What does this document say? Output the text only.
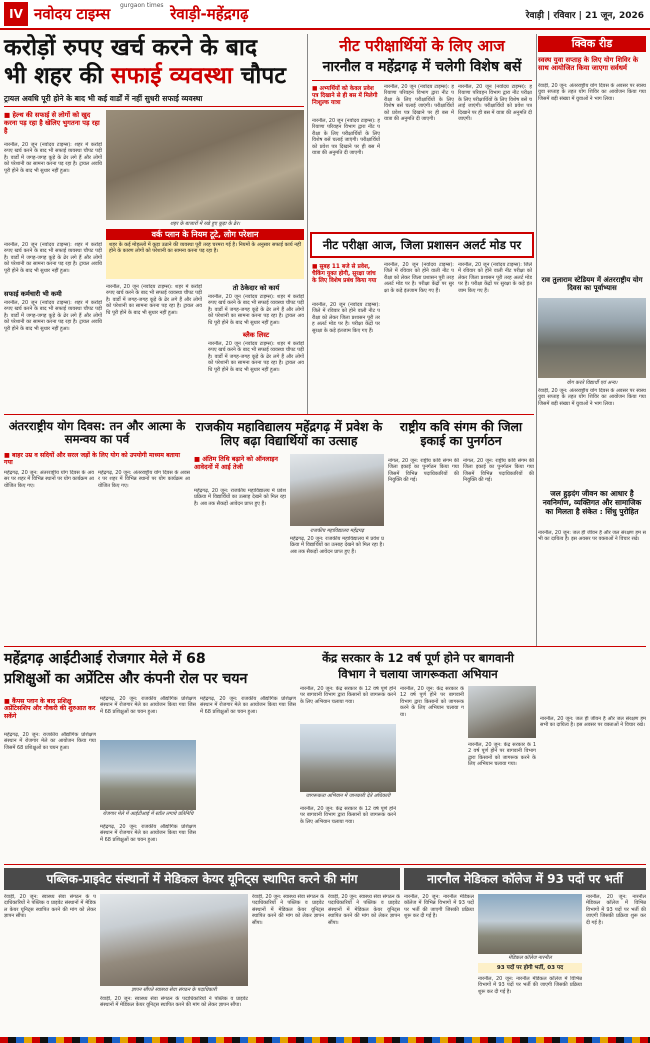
IV नवोदय टाइम्स gurgaon times रेवाड़ी-महेंद्रगढ़	रेवाड़ी | रविवार | 21 जून, 2026
करोड़ों रुपए खर्च करने के बाद
भी शहर की सफाई व्यवस्था चौपट
ट्रायल अवधि पूरी होने के बाद भी कई वार्डों में नहीं सुधरी सफाई व्यवस्था
■ हेल्थ की सफाई से लोगों को खुद करना पड़ रहा है खेलिए भुगतना पड़ रहा है
नारनौल, 20 जून (नवोदय टाइम्स): शहर में करोड़ों रुपए खर्च करने के बाद भी सफाई व्यवस्था चौपट पड़ी है। वार्डों में जगह-जगह कूड़े के ढेर लगे हैं और लोगों को परेशानी का सामना करना पड़ रहा है। ट्रायल अवधि पूरी होने के बाद भी सुधार नहीं हुआ।
शहर के बाजारों में रखे हुए कूड़ा के ढेर।
वर्क प्लान के नियम टूटे, लोग परेशान
शहर के कई मोहल्लों में कूड़ा उठाने की व्यवस्था पूरी तरह चरमरा गई है। नियमों के अनुसार सफाई कार्य नहीं होने के कारण लोगों को परेशानी का सामना करना पड़ रहा है।
नारनौल, 20 जून (नवोदय टाइम्स): शहर में करोड़ों रुपए खर्च करने के बाद भी सफाई व्यवस्था चौपट पड़ी है। वार्डों में जगह-जगह कूड़े के ढेर लगे हैं और लोगों को परेशानी का सामना करना पड़ रहा है। ट्रायल अवधि पूरी होने के बाद भी सुधार नहीं हुआ।
सफाई कर्मचारी भी कमी
नारनौल, 20 जून (नवोदय टाइम्स): शहर में करोड़ों रुपए खर्च करने के बाद भी सफाई व्यवस्था चौपट पड़ी है। वार्डों में जगह-जगह कूड़े के ढेर लगे हैं और लोगों को परेशानी का सामना करना पड़ रहा है। ट्रायल अवधि पूरी होने के बाद भी सुधार नहीं हुआ।
नारनौल, 20 जून (नवोदय टाइम्स): शहर में करोड़ों रुपए खर्च करने के बाद भी सफाई व्यवस्था चौपट पड़ी है। वार्डों में जगह-जगह कूड़े के ढेर लगे हैं और लोगों को परेशानी का सामना करना पड़ रहा है। ट्रायल अवधि पूरी होने के बाद भी सुधार नहीं हुआ।
तो ठेकेदार को कार्य
नारनौल, 20 जून (नवोदय टाइम्स): शहर में करोड़ों रुपए खर्च करने के बाद भी सफाई व्यवस्था चौपट पड़ी है। वार्डों में जगह-जगह कूड़े के ढेर लगे हैं और लोगों को परेशानी का सामना करना पड़ रहा है। ट्रायल अवधि पूरी होने के बाद भी सुधार नहीं हुआ।
ब्लैक लिस्ट
नारनौल, 20 जून (नवोदय टाइम्स): शहर में करोड़ों रुपए खर्च करने के बाद भी सफाई व्यवस्था चौपट पड़ी है। वार्डों में जगह-जगह कूड़े के ढेर लगे हैं और लोगों को परेशानी का सामना करना पड़ रहा है। ट्रायल अवधि पूरी होने के बाद भी सुधार नहीं हुआ।
नीट परीक्षार्थियों के लिए आज
नारनौल व महेंद्रगढ़ में चलेगी विशेष बसें
■ अभ्यर्थियों को केवल प्रवेश पत्र दिखाने से ही बस में मिलेगी निःशुल्क यात्रा
नारनौल, 20 जून (नवोदय टाइम्स): हरियाणा परिवहन विभाग द्वारा नीट परीक्षा के लिए परीक्षार्थियों के लिए विशेष बसें चलाई जाएंगी। परीक्षार्थियों को प्रवेश पत्र दिखाने पर ही बस में यात्रा की अनुमति दी जाएगी।
नारनौल, 20 जून (नवोदय टाइम्स): हरियाणा परिवहन विभाग द्वारा नीट परीक्षा के लिए परीक्षार्थियों के लिए विशेष बसें चलाई जाएंगी। परीक्षार्थियों को प्रवेश पत्र दिखाने पर ही बस में यात्रा की अनुमति दी जाएगी।
नारनौल, 20 जून (नवोदय टाइम्स): हरियाणा परिवहन विभाग द्वारा नीट परीक्षा के लिए परीक्षार्थियों के लिए विशेष बसें चलाई जाएंगी। परीक्षार्थियों को प्रवेश पत्र दिखाने पर ही बस में यात्रा की अनुमति दी जाएगी।
क्विक रीड
स्वस्थ युवा सप्ताह के लिए योग शिविर के साथ आयोजित किया जाएगा सर्वधर्म
रेवाड़ी, 20 जून: अंतरराष्ट्रीय योग दिवस के अवसर पर स्वस्थ युवा सप्ताह के तहत योग शिविर का आयोजन किया गया जिसमें बड़ी संख्या में युवाओं ने भाग लिया।
राव तुलाराम स्टेडियम में अंतरराष्ट्रीय योग दिवस का पूर्वाभ्यास
योग करते विद्यार्थी एवं अन्य।
रेवाड़ी, 20 जून: अंतरराष्ट्रीय योग दिवस के अवसर पर स्वस्थ युवा सप्ताह के तहत योग शिविर का आयोजन किया गया जिसमें बड़ी संख्या में युवाओं ने भाग लिया।
जल हुड़दंग जीवन का आधार है नवनिर्माण, व्यक्तिगत और सामाजिक का मिलता है संकेत : सिंधु पुरोहित
नारनौल, 20 जून: जल ही जीवन है और जल संरक्षण हम सभी का दायित्व है। इस अवसर पर वक्ताओं ने विचार रखे।
नीट परीक्षा आज, जिला प्रशासन अलर्ट मोड पर
■ सुबह 11 बजे से प्रवेश, चैकिंग युक्त होगी, सुरक्षा जांच के लिए विशेष प्रबंध किया गया
नारनौल, 20 जून (नवोदय टाइम्स): जिले में रविवार को होने वाली नीट परीक्षा को लेकर जिला प्रशासन पूरी तरह अलर्ट मोड पर है। परीक्षा केंद्रों पर सुरक्षा के कड़े इंतजाम किए गए हैं।
नारनौल, 20 जून (नवोदय टाइम्स): जिले में रविवार को होने वाली नीट परीक्षा को लेकर जिला प्रशासन पूरी तरह अलर्ट मोड पर है। परीक्षा केंद्रों पर सुरक्षा के कड़े इंतजाम किए गए हैं।
नारनौल, 20 जून (नवोदय टाइम्स): जिले में रविवार को होने वाली नीट परीक्षा को लेकर जिला प्रशासन पूरी तरह अलर्ट मोड पर है। परीक्षा केंद्रों पर सुरक्षा के कड़े इंतजाम किए गए हैं।
अंतरराष्ट्रीय योग दिवस: तन और आत्मा के समन्वय का पर्व
■ बाहर उम्र व सदियों और सरल जड़ों के लिए योग को उपयोगी माध्यम बताया गया
महेंद्रगढ़, 20 जून: अंतरराष्ट्रीय योग दिवस के अवसर पर शहर में विभिन्न स्थानों पर योग कार्यक्रम आयोजित किए गए।
महेंद्रगढ़, 20 जून: अंतरराष्ट्रीय योग दिवस के अवसर पर शहर में विभिन्न स्थानों पर योग कार्यक्रम आयोजित किए गए।
राजकीय महाविद्यालय महेंद्रगढ़ में प्रवेश के लिए बढ़ा विद्यार्थियों का उत्साह
■ अंतिम तिथि बढ़ाने को ऑनलाइन आवेदनों में आई तेजी
राजकीय महाविद्यालय महेंद्रगढ़
महेंद्रगढ़, 20 जून: राजकीय महाविद्यालय में प्रवेश प्रक्रिया में विद्यार्थियों का उत्साह देखने को मिल रहा है। अब तक सैकड़ों आवेदन प्राप्त हुए हैं।
महेंद्रगढ़, 20 जून: राजकीय महाविद्यालय में प्रवेश प्रक्रिया में विद्यार्थियों का उत्साह देखने को मिल रहा है। अब तक सैकड़ों आवेदन प्राप्त हुए हैं।
राष्ट्रीय कवि संगम की जिला इकाई का पुनर्गठन
नांगल, 20 जून: राष्ट्रीय कवि संगम की जिला इकाई का पुनर्गठन किया गया जिसमें विभिन्न पदाधिकारियों की नियुक्ति की गई।
नांगल, 20 जून: राष्ट्रीय कवि संगम की जिला इकाई का पुनर्गठन किया गया जिसमें विभिन्न पदाधिकारियों की नियुक्ति की गई।
महेंद्रगढ़ आईटीआई रोजगार मेले में 68
प्रशिक्षुओं का अप्रेंटिस और कंपनी रोल पर चयन
■ कैंपस प्लान के बाद प्रशिक्षु अप्रेंटिसशिप और नौकरी की शुरुआत कर सकेंगे
महेंद्रगढ़, 20 जून: राजकीय औद्योगिक प्रशिक्षण संस्थान में रोजगार मेले का आयोजन किया गया जिसमें 68 प्रशिक्षुओं का चयन हुआ।
महेंद्रगढ़, 20 जून: राजकीय औद्योगिक प्रशिक्षण संस्थान में रोजगार मेले का आयोजन किया गया जिसमें 68 प्रशिक्षुओं का चयन हुआ।
रोजगार मेले में आईटीआई में स्टॉल लगाये प्रतिनिधि
महेंद्रगढ़, 20 जून: राजकीय औद्योगिक प्रशिक्षण संस्थान में रोजगार मेले का आयोजन किया गया जिसमें 68 प्रशिक्षुओं का चयन हुआ।
महेंद्रगढ़, 20 जून: राजकीय औद्योगिक प्रशिक्षण संस्थान में रोजगार मेले का आयोजन किया गया जिसमें 68 प्रशिक्षुओं का चयन हुआ।
केंद्र सरकार के 12 वर्ष पूर्ण होने पर बागवानी
विभाग ने चलाया जागरूकता अभियान
नारनौल, 20 जून: केंद्र सरकार के 12 वर्ष पूर्ण होने पर बागवानी विभाग द्वारा किसानों को जागरूक करने के लिए अभियान चलाया गया।
जागरूकता अभियान में जानकारी देते अधिकारी
नारनौल, 20 जून: केंद्र सरकार के 12 वर्ष पूर्ण होने पर बागवानी विभाग द्वारा किसानों को जागरूक करने के लिए अभियान चलाया गया।
नारनौल, 20 जून: केंद्र सरकार के 12 वर्ष पूर्ण होने पर बागवानी विभाग द्वारा किसानों को जागरूक करने के लिए अभियान चलाया गया।
नारनौल, 20 जून: केंद्र सरकार के 12 वर्ष पूर्ण होने पर बागवानी विभाग द्वारा किसानों को जागरूक करने के लिए अभियान चलाया गया।
नारनौल, 20 जून: जल ही जीवन है और जल संरक्षण हम सभी का दायित्व है। इस अवसर पर वक्ताओं ने विचार रखे।
पब्लिक-प्राइवेट संस्थानों में मेडिकल केयर यूनिट्स स्थापित करने की मांग
रेवाड़ी, 20 जून: स्वास्थ्य सेवा संगठन के पदाधिकारियों ने पब्लिक व प्राइवेट संस्थानों में मेडिकल केयर यूनिट्स स्थापित करने की मांग को लेकर ज्ञापन सौंपा।
ज्ञापन सौंपते स्वास्थ्य सेवा संगठन के पदाधिकारी
रेवाड़ी, 20 जून: स्वास्थ्य सेवा संगठन के पदाधिकारियों ने पब्लिक व प्राइवेट संस्थानों में मेडिकल केयर यूनिट्स स्थापित करने की मांग को लेकर ज्ञापन सौंपा।
रेवाड़ी, 20 जून: स्वास्थ्य सेवा संगठन के पदाधिकारियों ने पब्लिक व प्राइवेट संस्थानों में मेडिकल केयर यूनिट्स स्थापित करने की मांग को लेकर ज्ञापन सौंपा।
रेवाड़ी, 20 जून: स्वास्थ्य सेवा संगठन के पदाधिकारियों ने पब्लिक व प्राइवेट संस्थानों में मेडिकल केयर यूनिट्स स्थापित करने की मांग को लेकर ज्ञापन सौंपा।
नारनौल मेडिकल कॉलेज में 93 पदों पर भर्ती
नारनौल, 20 जून: नारनौल मेडिकल कॉलेज में विभिन्न विभागों में 93 पदों पर भर्ती की जाएगी जिसकी प्रक्रिया शुरू कर दी गई है।
मेडिकल कॉलेज नारनौल
93 पदों पर होगी भर्ती, 03 पद
नारनौल, 20 जून: नारनौल मेडिकल कॉलेज में विभिन्न विभागों में 93 पदों पर भर्ती की जाएगी जिसकी प्रक्रिया शुरू कर दी गई है।
नारनौल, 20 जून: नारनौल मेडिकल कॉलेज में विभिन्न विभागों में 93 पदों पर भर्ती की जाएगी जिसकी प्रक्रिया शुरू कर दी गई है।
